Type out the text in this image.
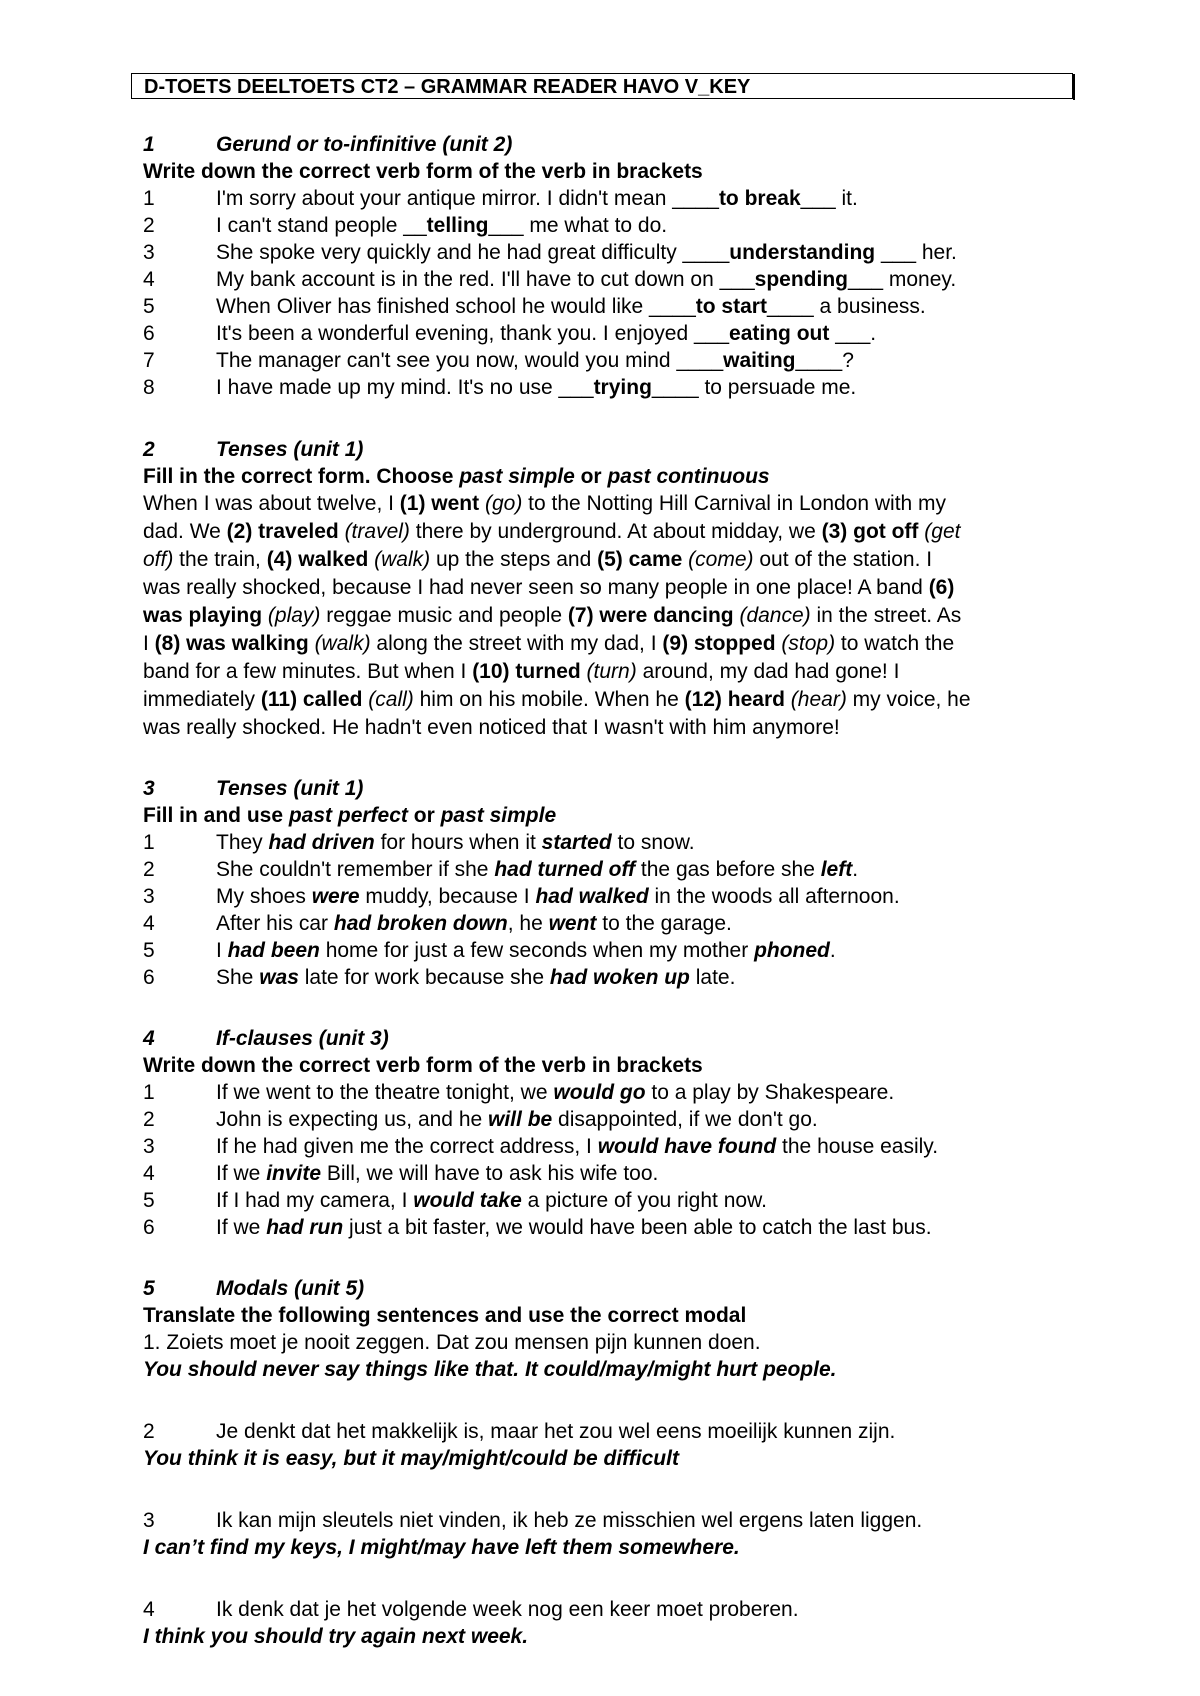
D-TOETS DEELTOETS CT2 – GRAMMAR READER HAVO V_KEY
1	Gerund or to-infinitive (unit 2)
Write down the correct verb form of the verb in brackets
1	I'm sorry about your antique mirror. I didn't mean ____to break___ it.
2	I can't stand people __telling___ me what to do.
3	She spoke very quickly and he had great difficulty ____understanding ___ her.
4	My bank account is in the red. I'll have to cut down on ___spending___ money.
5	When Oliver has finished school he would like ____to start____ a business.
6	It's been a wonderful evening, thank you. I enjoyed ___eating out ___.
7	The manager can't see you now, would you mind ____waiting____?
8	I have made up my mind. It's no use ___trying____ to persuade me.
2	Tenses (unit 1)
Fill in the correct form. Choose past simple or past continuous
When I was about twelve, I (1) went (go) to the Notting Hill Carnival in London with my
dad. We (2) traveled (travel) there by underground. At about midday, we (3) got off (get
off) the train, (4) walked (walk) up the steps and (5) came (come) out of the station. I
was really shocked, because I had never seen so many people in one place! A band (6)
was playing (play) reggae music and people (7) were dancing (dance) in the street. As
I (8) was walking (walk) along the street with my dad, I (9) stopped (stop) to watch the
band for a few minutes. But when I (10) turned (turn) around, my dad had gone! I
immediately (11) called (call) him on his mobile. When he (12) heard (hear) my voice, he
was really shocked. He hadn't even noticed that I wasn't with him anymore!
3	Tenses (unit 1)
Fill in and use past perfect or past simple
1	They had driven for hours when it started to snow.
2	She couldn't remember if she had turned off the gas before she left.
3	My shoes were muddy, because I had walked in the woods all afternoon.
4	After his car had broken down, he went to the garage.
5	I had been home for just a few seconds when my mother phoned.
6	She was late for work because she had woken up late.
4	If-clauses (unit 3)
Write down the correct verb form of the verb in brackets
1	If we went to the theatre tonight, we would go to a play by Shakespeare.
2	John is expecting us, and he will be disappointed, if we don't go.
3	If he had given me the correct address, I would have found the house easily.
4	If we invite Bill, we will have to ask his wife too.
5	If I had my camera, I would take a picture of you right now.
6	If we had run just a bit faster, we would have been able to catch the last bus.
5	Modals (unit 5)
Translate the following sentences and use the correct modal
1. Zoiets moet je nooit zeggen. Dat zou mensen pijn kunnen doen.
You should never say things like that. It could/may/might hurt people.
2	Je denkt dat het makkelijk is, maar het zou wel eens moeilijk kunnen zijn.
You think it is easy, but it may/might/could be difficult
3	Ik kan mijn sleutels niet vinden, ik heb ze misschien wel ergens laten liggen.
I can’t find my keys, I might/may have left them somewhere.
4	Ik denk dat je het volgende week nog een keer moet proberen.
I think you should try again next week.
